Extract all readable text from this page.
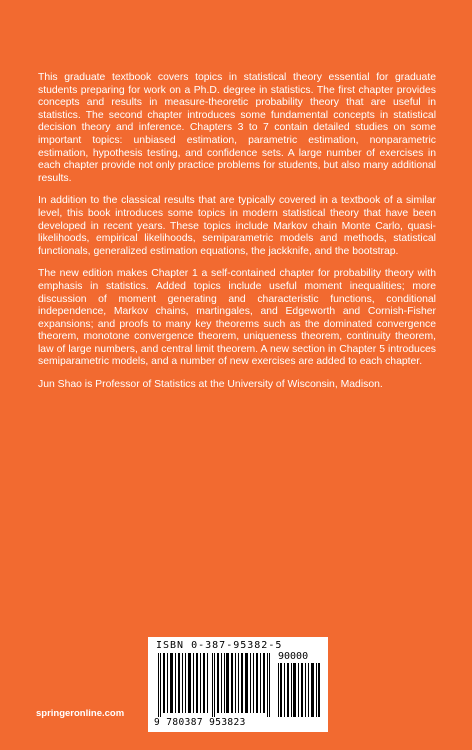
This graduate textbook covers topics in statistical theory essential for graduate students preparing for work on a Ph.D. degree in statistics. The first chapter provides concepts and results in measure-theoretic probability theory that are useful in statistics. The second chapter introduces some fundamental concepts in statistical decision theory and inference. Chapters 3 to 7 contain detailed studies on some important topics: unbiased estimation, parametric estimation, nonparametric estimation, hypothesis testing, and confidence sets. A large number of exercises in each chapter provide not only practice problems for students, but also many additional results.

In addition to the classical results that are typically covered in a textbook of a similar level, this book introduces some topics in modern statistical theory that have been developed in recent years. These topics include Markov chain Monte Carlo, quasi-likelihoods, empirical likelihoods, semiparametric models and methods, statistical functionals, generalized estimation equations, the jackknife, and the bootstrap.

The new edition makes Chapter 1 a self-contained chapter for probability theory with emphasis in statistics. Added topics include useful moment inequalities; more discussion of moment generating and characteristic functions, conditional independence, Markov chains, martingales, and Edgeworth and Cornish-Fisher expansions; and proofs to many key theorems such as the dominated convergence theorem, monotone convergence theorem, uniqueness theorem, continuity theorem, law of large numbers, and central limit theorem. A new section in Chapter 5 introduces semiparametric models, and a number of new exercises are added to each chapter.

Jun Shao is Professor of Statistics at the University of Wisconsin, Madison.

ISBN 0-387-95382-5
90000
9 780387 953823
springeronline.com
